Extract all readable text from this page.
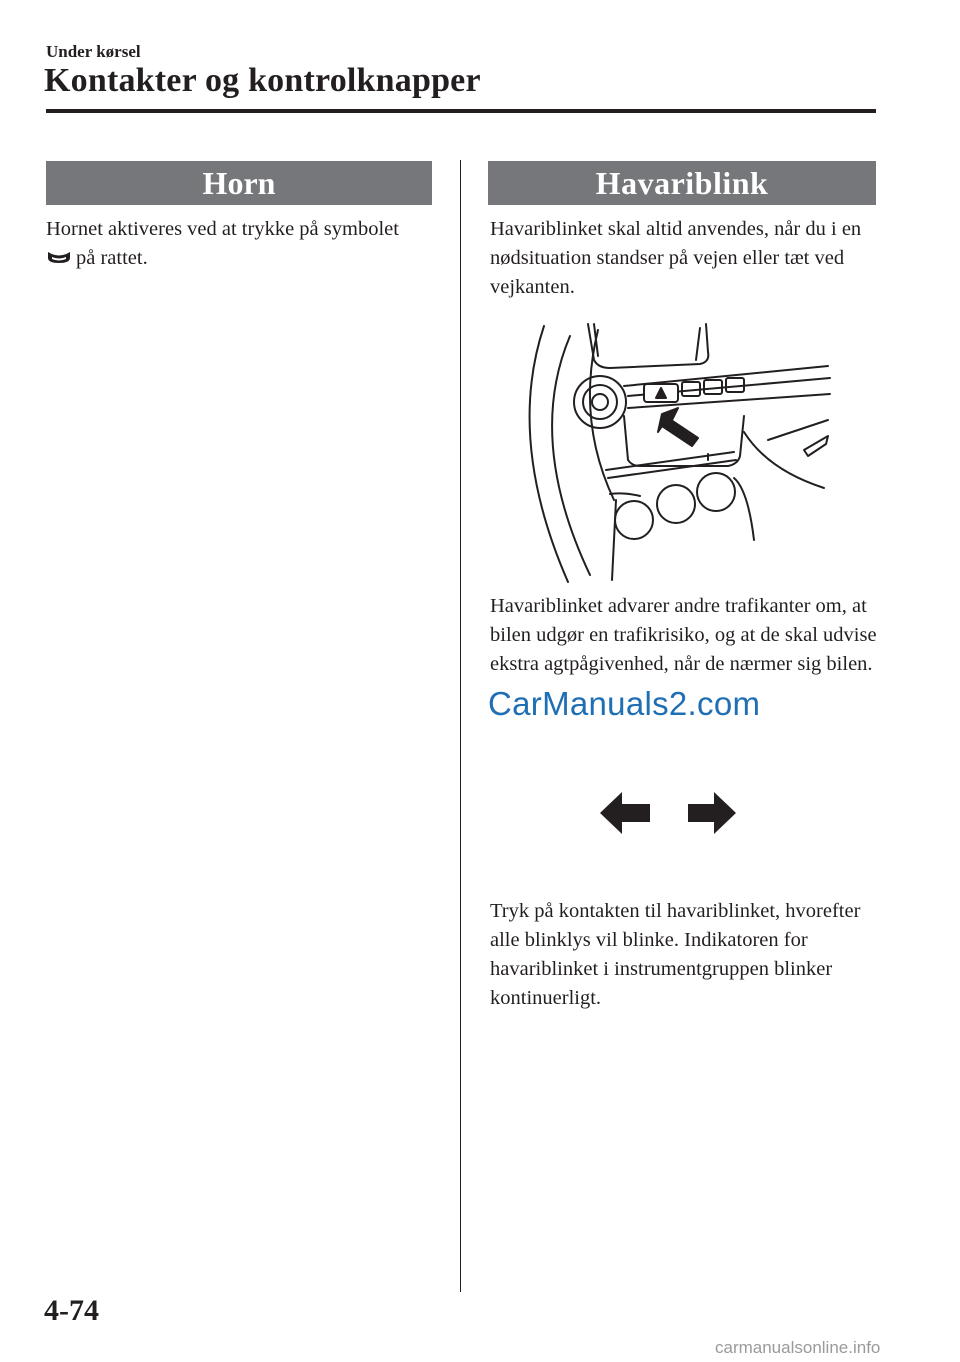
Under kørsel
Kontakter og kontrolknapper
Horn

Hornet aktiveres ved at trykke på symbolet
på rattet.

Havariblink

Havariblinket skal altid anvendes, når du i en nødsituation standser på vejen eller tæt ved vejkanten.

Havariblinket advarer andre trafikanter om, at bilen udgør en trafikrisiko, og at de skal udvise ekstra agtpågivenhed, når de nærmer sig bilen.

CarManuals2.com

Tryk på kontakten til havariblinket, hvorefter alle blinklys vil blinke. Indikatoren for havariblinket i instrumentgruppen blinker kontinuerligt.

4-74
carmanualsonline.info
